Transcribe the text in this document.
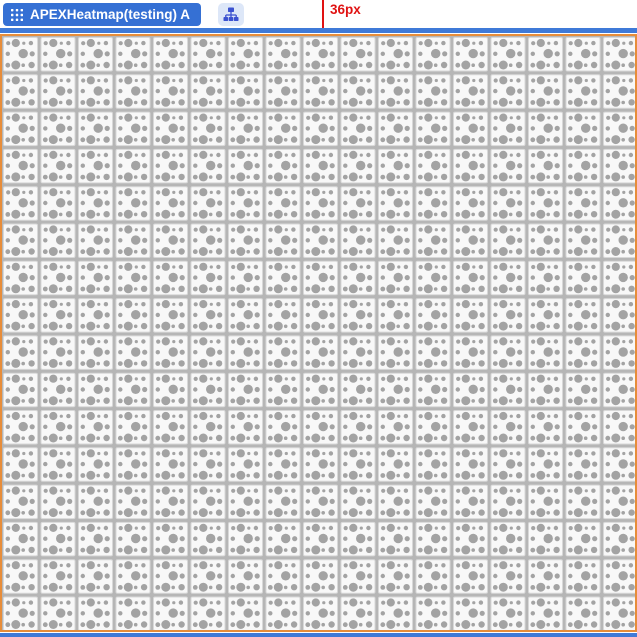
APEXHeatmap(testing) A	36px
